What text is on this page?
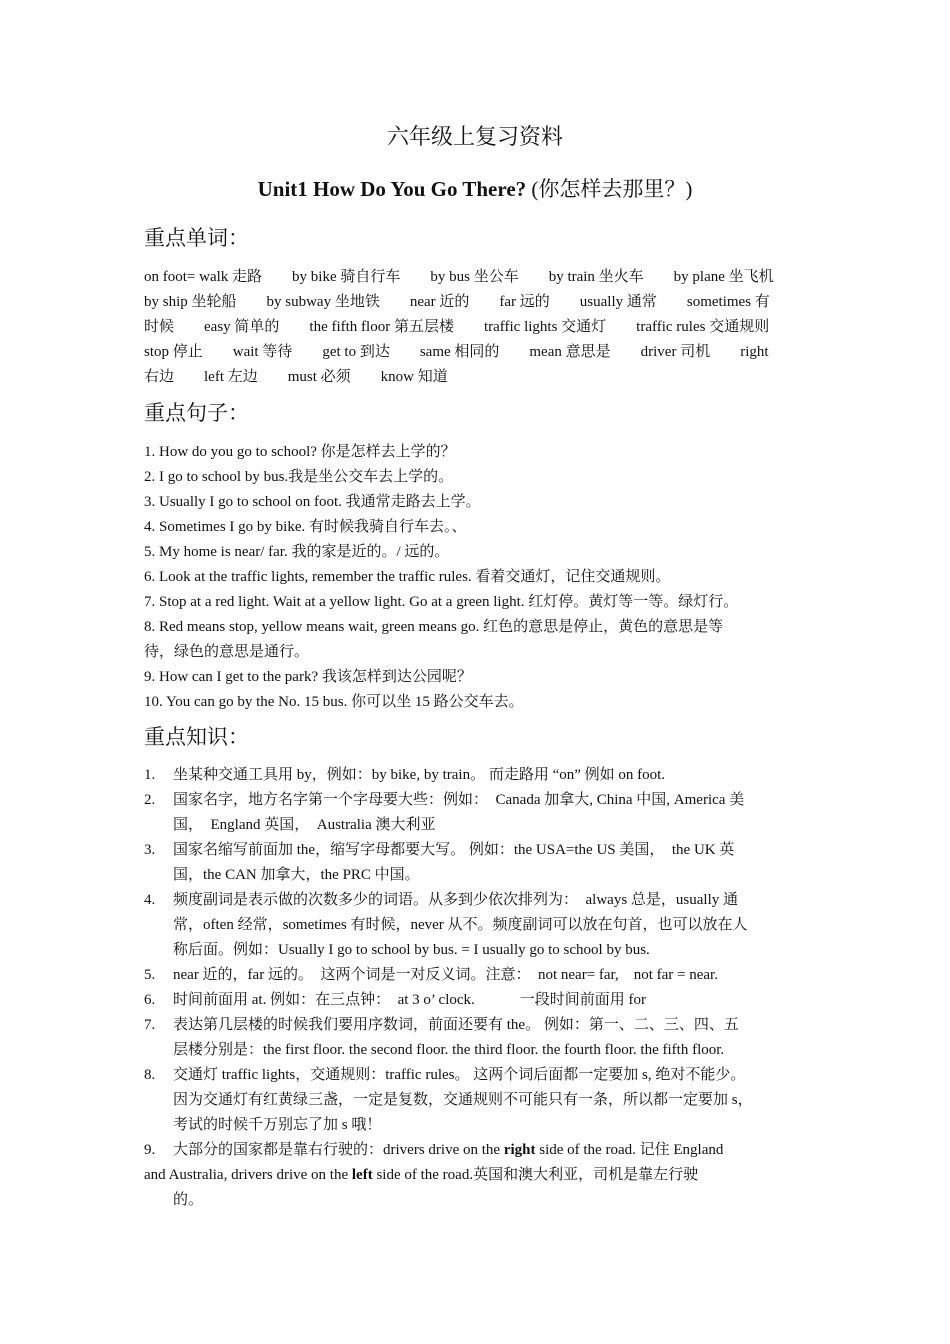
六年级上复习资料
Unit1 How Do You Go There? (你怎样去那里？)
重点单词：
on foot= walk 走路　　by bike 骑自行车　　by bus 坐公车　　by train 坐火车　　by plane 坐飞机
by ship 坐轮船　　by subway 坐地铁　　near 近的　　far 远的　　usually 通常　　sometimes 有
时候　　easy 简单的　　the fifth floor 第五层楼　　traffic lights 交通灯　　traffic rules 交通规则
stop 停止　　wait 等待　　get to 到达　　same 相同的　　mean 意思是　　driver 司机　　right
右边　　left 左边　　must 必须　　know 知道
重点句子：
1. How do you go to school? 你是怎样去上学的？
2. I go to school by bus.我是坐公交车去上学的。
3. Usually I go to school on foot. 我通常走路去上学。
4. Sometimes I go by bike. 有时候我骑自行车去。、
5. My home is near/ far. 我的家是近的。/ 远的。
6. Look at the traffic lights, remember the traffic rules. 看着交通灯，记住交通规则。
7. Stop at a red light. Wait at a yellow light. Go at a green light. 红灯停。黄灯等一等。绿灯行。
8. Red means stop, yellow means wait, green means go. 红色的意思是停止，黄色的意思是等
待，绿色的意思是通行。
9. How can I get to the park? 我该怎样到达公园呢？
10. You can go by the No. 15 bus. 你可以坐 15 路公交车去。
重点知识：
1. 坐某种交通工具用 by，例如：by bike, by train。 而走路用 “on” 例如 on foot.
2. 国家名字，地方名字第一个字母要大些：例如：　Canada 加拿大, China 中国, America 美
国，　England 英国，　Australia 澳大利亚
3. 国家名缩写前面加 the，缩写字母都要大写。 例如：the USA=the US 美国，　the UK 英
国，the CAN 加拿大，the PRC 中国。
4. 频度副词是表示做的次数多少的词语。从多到少依次排列为：　always 总是，usually 通
常，often 经常，sometimes 有时候，never 从不。频度副词可以放在句首，也可以放在人
称后面。例如：Usually I go to school by bus. = I usually go to school by bus.
5. near 近的，far 远的。　这两个词是一对反义词。注意：　not near= far,　not far = near.
6. 时间前面用 at. 例如：在三点钟：　at 3 o’ clock.　　　一段时间前面用 for
7. 表达第几层楼的时候我们要用序数词，前面还要有 the。 例如：第一、二、三、四、五
层楼分别是：the first floor. the second floor. the third floor. the fourth floor. the fifth floor.
8. 交通灯 traffic lights，交通规则：traffic rules。 这两个词后面都一定要加 s, 绝对不能少。
因为交通灯有红黄绿三盏，一定是复数，交通规则不可能只有一条，所以都一定要加 s，
考试的时候千万别忘了加 s 哦！
9. 大部分的国家都是靠右行驶的：drivers drive on the right side of the road. 记住 England
and Australia, drivers drive on the left side of the road.英国和澳大利亚，司机是靠左行驶
的。
